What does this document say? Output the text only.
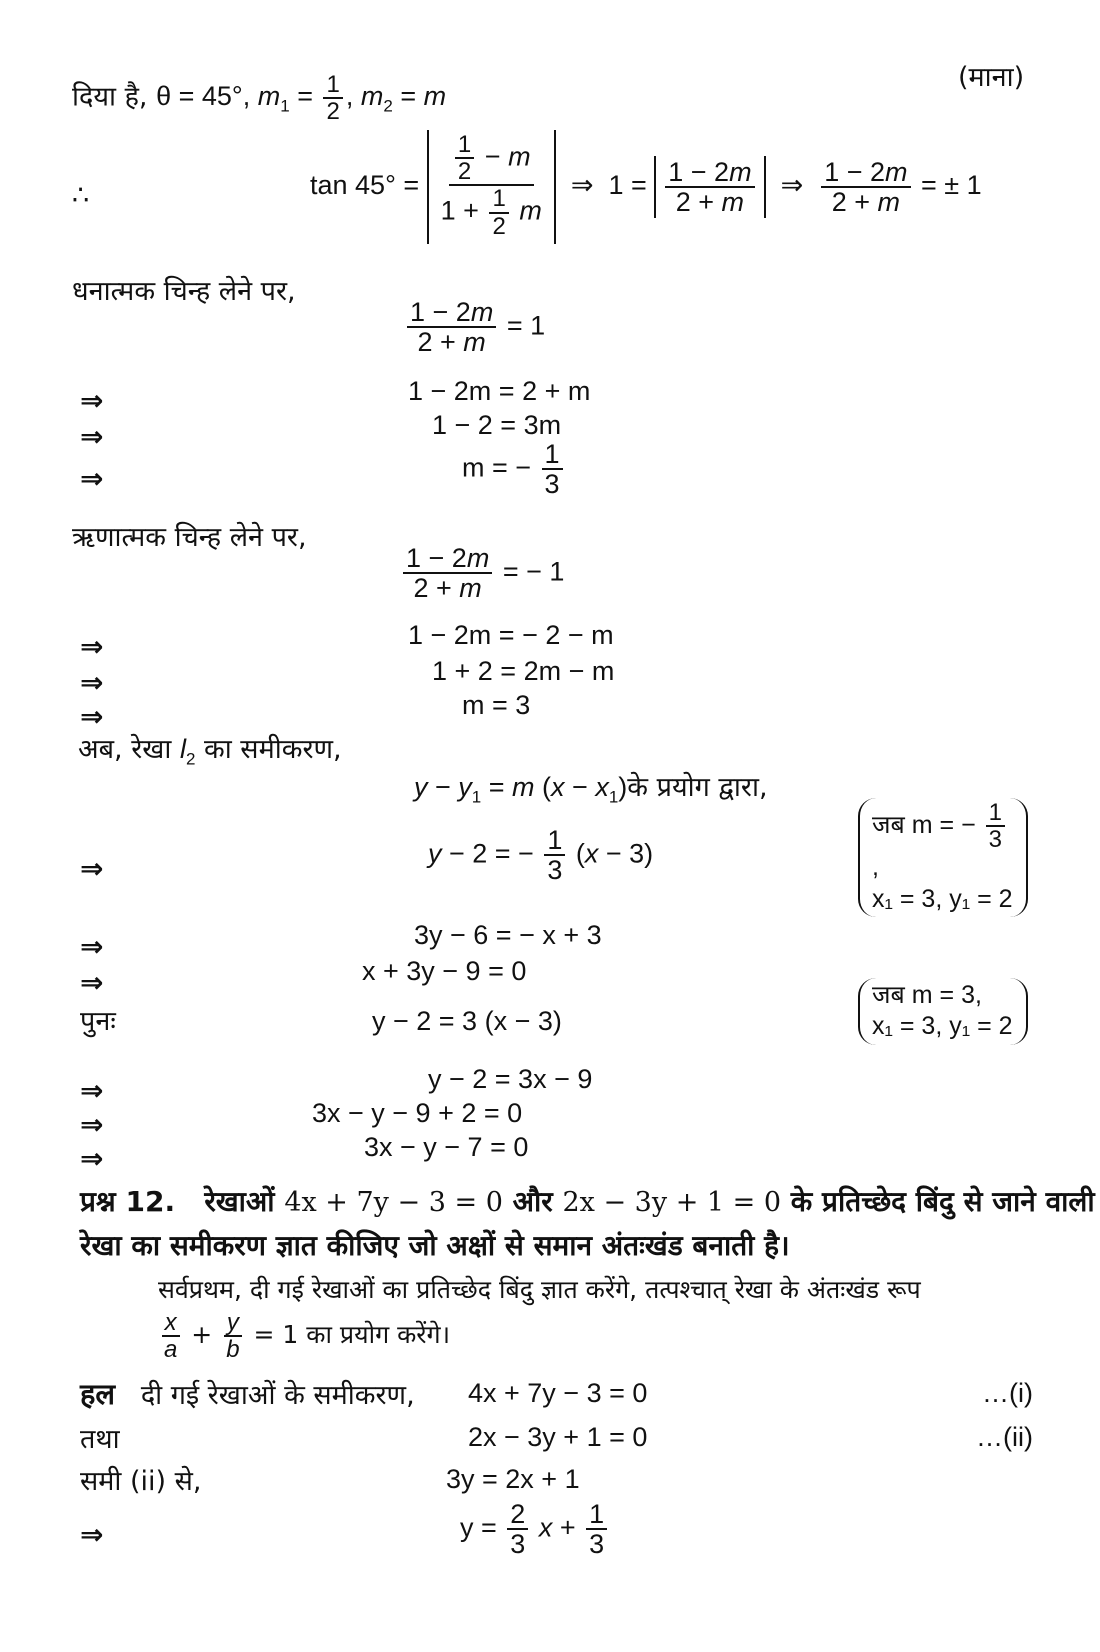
दिया है, θ = 45°, $m_1 = \frac{1}{2}$ , $m_2 = m$
(माना)
∴	$\tan 45^\circ = \frac{\frac{1}{2} - m}{1 + \frac{1}{2} m}$ ⇒  $1 = \frac{1 - 2m}{2 + m}$ ⇒ $\frac{1 - 2m}{2 + m}$ = ± 1
धनात्मक चिन्ह लेने पर,
$\frac{1 - 2m}{2 + m} = 1$
⇒	1 − 2m = 2 + m
⇒	1 − 2 = 3m
⇒	m = − $\frac{1}{3}$
ऋणात्मक चिन्ह लेने पर,
$\frac{1 - 2m}{2 + m}$ = − 1
⇒	1 − 2m = − 2 − m
⇒	1 + 2 = 2m − m
⇒	m = 3
अब, रेखा $l_2$ का समीकरण,
$y - y_1 = m$ $(x - x_1)के$ प्रयोग द्वारा,
⇒	y − 2 = − $\frac{1}{3} (x - 3)$
जब m = − $\frac{1}{3}$
,
x₁ = 3, y₁ = 2
⇒	3y − 6 = − x + 3
⇒	x + 3y − 9 = 0
पुनः	y − 2 = 3 (x − 3)
जब m = 3,
x₁ = 3, y₁ = 2
⇒	y − 2 = 3x − 9
⇒	3x − y − 9 + 2 = 0
⇒	3x − y − 7 = 0
प्रश्न 12. रेखाओं 4x + 7y − 3 = 0 और 2x − 3y + 1 = 0 के प्रतिच्छेद बिंदु से जाने वाली
रेखा का समीकरण ज्ञात कीजिए जो अक्षों से समान अंतःखंड बनाती है।
सर्वप्रथम, दी गई रेखाओं का प्रतिच्छेद बिंदु ज्ञात करेंगे, तत्पश्चात् रेखा के अंतःखंड रूप
$\frac{x}{a} + \frac{y}{b} = 1$ का प्रयोग करेंगे।
हल दी गई रेखाओं के समीकरण, 4x + 7y − 3 = 0	…(i)
तथा	2x − 3y + 1 = 0	…(ii)
समी (ii) से,	3y = 2x + 1
⇒	$y = \frac{2}{3}$ $x + \frac{1}{3}$
